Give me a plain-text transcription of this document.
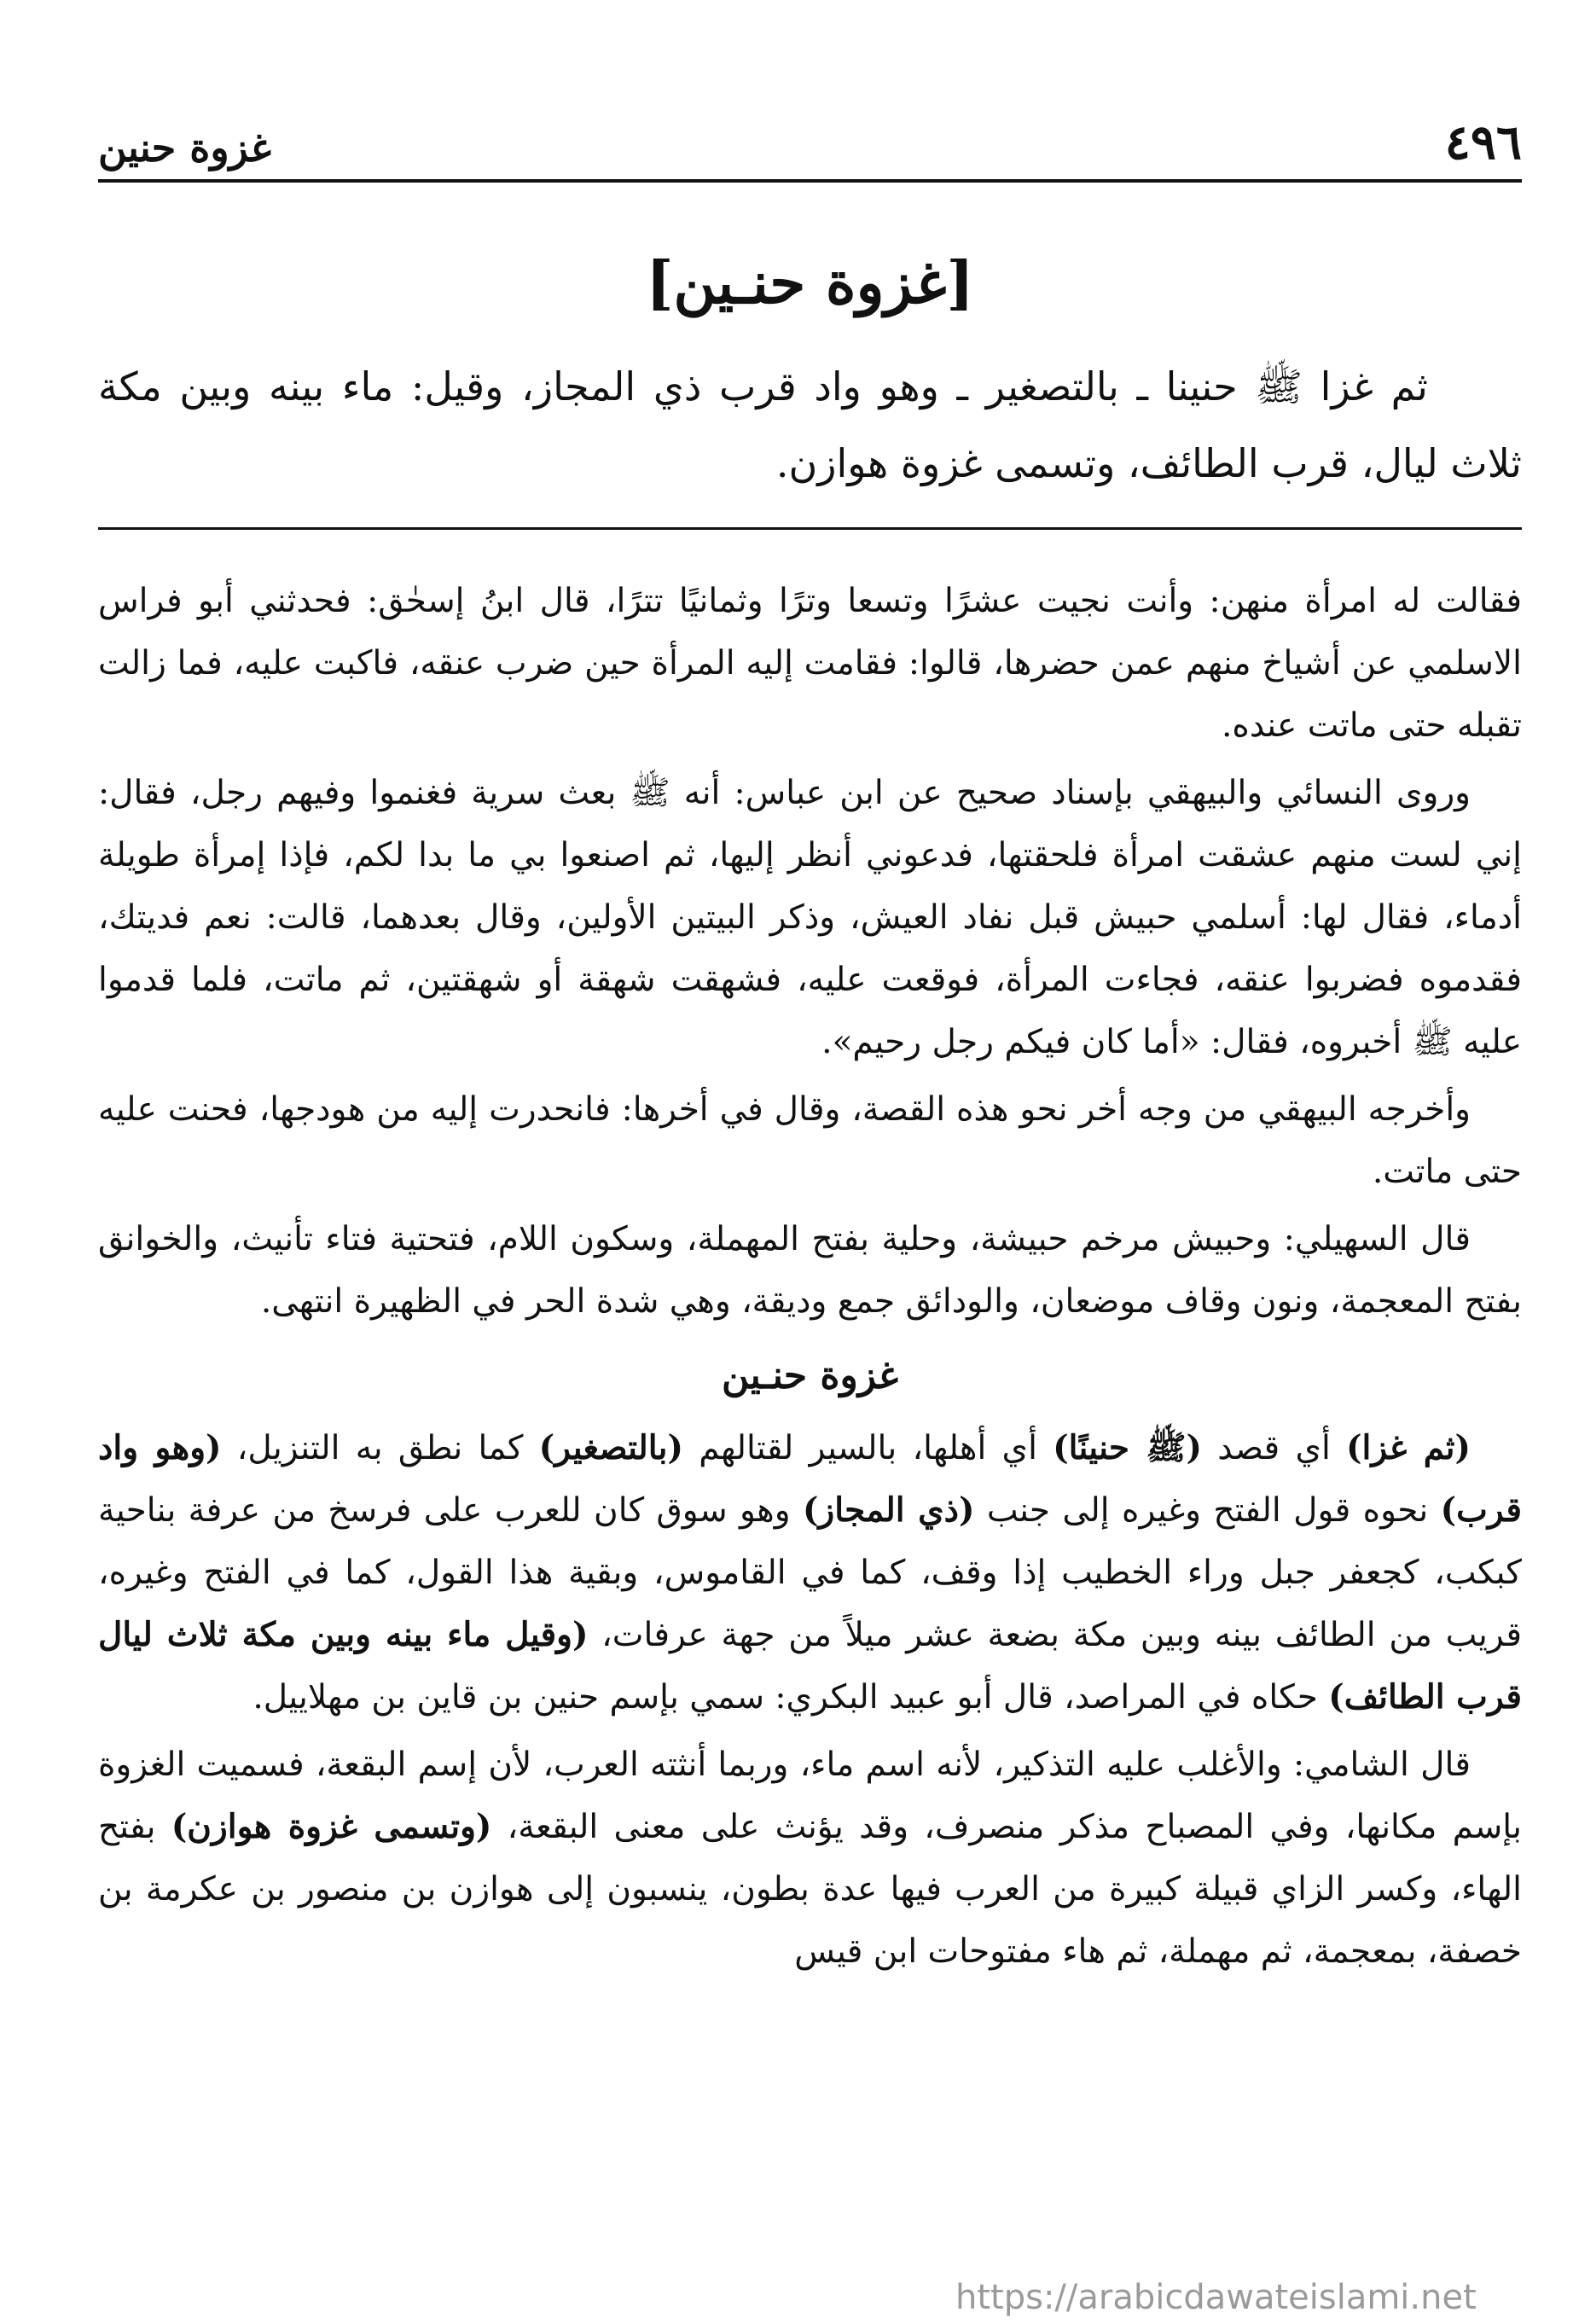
٤٩٦
غزوة حنين
[غزوة حنـين]

ثم غزا ﷺ حنينا ـ بالتصغير ـ وهو واد قرب ذي المجاز، وقيل: ماء بينه وبين مكة ثلاث ليال، قرب الطائف، وتسمى غزوة هوازن.

فقالت له امرأة منهن: وأنت نجيت عشرًا وتسعا وترًا وثمانيًا تترًا، قال ابنُ إسحٰق: فحدثني أبو فراس الاسلمي عن أشياخ منهم عمن حضرها، قالوا: فقامت إليه المرأة حين ضرب عنقه، فاكبت عليه، فما زالت تقبله حتى ماتت عنده.

وروى النسائي والبيهقي بإسناد صحيح عن ابن عباس: أنه ﷺ بعث سرية فغنموا وفيهم رجل، فقال: إني لست منهم عشقت امرأة فلحقتها، فدعوني أنظر إليها، ثم اصنعوا بي ما بدا لكم، فإذا إمرأة طويلة أدماء، فقال لها: أسلمي حبيش قبل نفاد العيش، وذكر البيتين الأولين، وقال بعدهما، قالت: نعم فديتك، فقدموه فضربوا عنقه، فجاءت المرأة، فوقعت عليه، فشهقت شهقة أو شهقتين، ثم ماتت، فلما قدموا عليه ﷺ أخبروه، فقال: «أما كان فيكم رجل رحيم».

وأخرجه البيهقي من وجه أخر نحو هذه القصة، وقال في أخرها: فانحدرت إليه من هودجها، فحنت عليه حتى ماتت.

قال السهيلي: وحبيش مرخم حبيشة، وحلية بفتح المهملة، وسكون اللام، فتحتية فتاء تأنيث، والخوانق بفتح المعجمة، ونون وقاف موضعان، والودائق جمع وديقة، وهي شدة الحر في الظهيرة انتهى.

غزوة حنـين

(ثم غزا) أي قصد (ﷺ حنينًا) أي أهلها، بالسير لقتالهم (بالتصغير) كما نطق به التنزيل، (وهو واد قرب) نحوه قول الفتح وغيره إلى جنب (ذي المجاز) وهو سوق كان للعرب على فرسخ من عرفة بناحية كبكب، كجعفر جبل وراء الخطيب إذا وقف، كما في القاموس، وبقية هذا القول، كما في الفتح وغيره، قريب من الطائف بينه وبين مكة بضعة عشر ميلاً من جهة عرفات، (وقيل ماء بينه وبين مكة ثلاث ليال قرب الطائف) حكاه في المراصد، قال أبو عبيد البكري: سمي بإسم حنين بن قاين بن مهلاييل.

قال الشامي: والأغلب عليه التذكير، لأنه اسم ماء، وربما أنثته العرب، لأن إسم البقعة، فسميت الغزوة بإسم مكانها، وفي المصباح مذكر منصرف، وقد يؤنث على معنى البقعة، (وتسمى غزوة هوازن) بفتح الهاء، وكسر الزاي قبيلة كبيرة من العرب فيها عدة بطون، ينسبون إلى هوازن بن منصور بن عكرمة بن خصفة، بمعجمة، ثم مهملة، ثم هاء مفتوحات ابن قيس

https://arabicdawateislami.net
